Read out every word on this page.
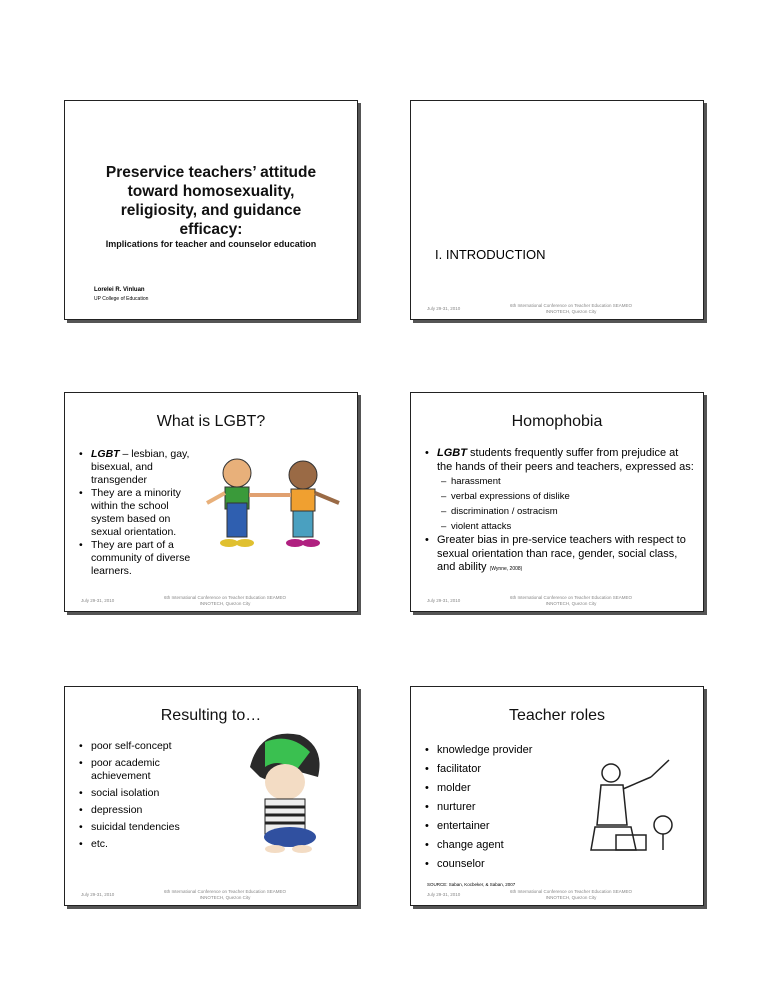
Preservice teachers’ attitude toward homosexuality, religiosity, and guidance efficacy:
Implications for teacher and counselor education
Lorelei R. Vinluan
UP College of Education
I. INTRODUCTION
July 29-31, 2010
6th International Conference on Teacher Education SEAMEO INNOTECH, Quezon City
What is LGBT?
• LGBT – lesbian, gay, bisexual, and transgender
• They are a minority within the school system based on sexual orientation.
• They are part of a community of diverse learners.
July 29-31, 2010
6th International Conference on Teacher Education SEAMEO INNOTECH, Quezon City
Homophobia
• LGBT students frequently suffer from prejudice at the hands of their peers and teachers, expressed as:
– harassment
– verbal expressions of dislike
– discrimination / ostracism
– violent attacks
• Greater bias in pre-service teachers with respect to sexual orientation than race, gender, social class, and ability (Wynne, 2008)
July 29-31, 2010
6th International Conference on Teacher Education SEAMEO INNOTECH, Quezon City
Resulting to…
• poor self-concept
• poor academic achievement
• social isolation
• depression
• suicidal tendencies
• etc.
July 29-31, 2010
6th International Conference on Teacher Education SEAMEO INNOTECH, Quezon City
Teacher roles
• knowledge provider
• facilitator
• molder
• nurturer
• entertainer
• change agent
• counselor
SOURCE: Saban, Kocbeker, & Saban, 2007
July 29-31, 2010
6th International Conference on Teacher Education SEAMEO INNOTECH, Quezon City
